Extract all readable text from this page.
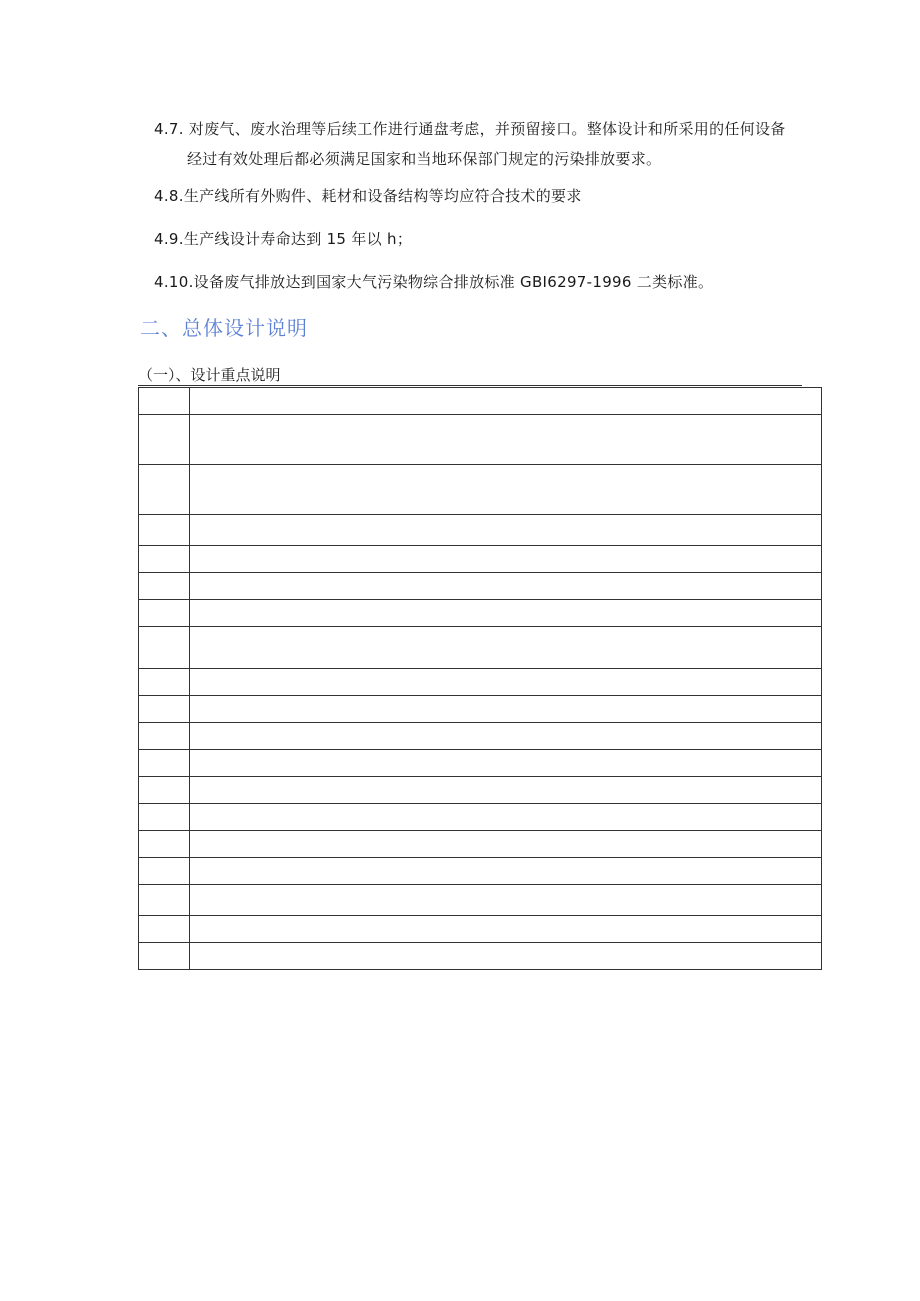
4.7. 对废气、废水治理等后续工作进行通盘考虑，并预留接口。整体设计和所采用的任何设备
经过有效处理后都必须满足国家和当地环保部门规定的污染排放要求。
4.8.生产线所有外购件、耗材和设备结构等均应符合技术的要求
4.9.生产线设计寿命达到 15 年以 h；
4.10.设备废气排放达到国家大气污染物综合排放标准 GBI6297-1996 二类标准。
二、总体设计说明
（一）、设计重点说明
